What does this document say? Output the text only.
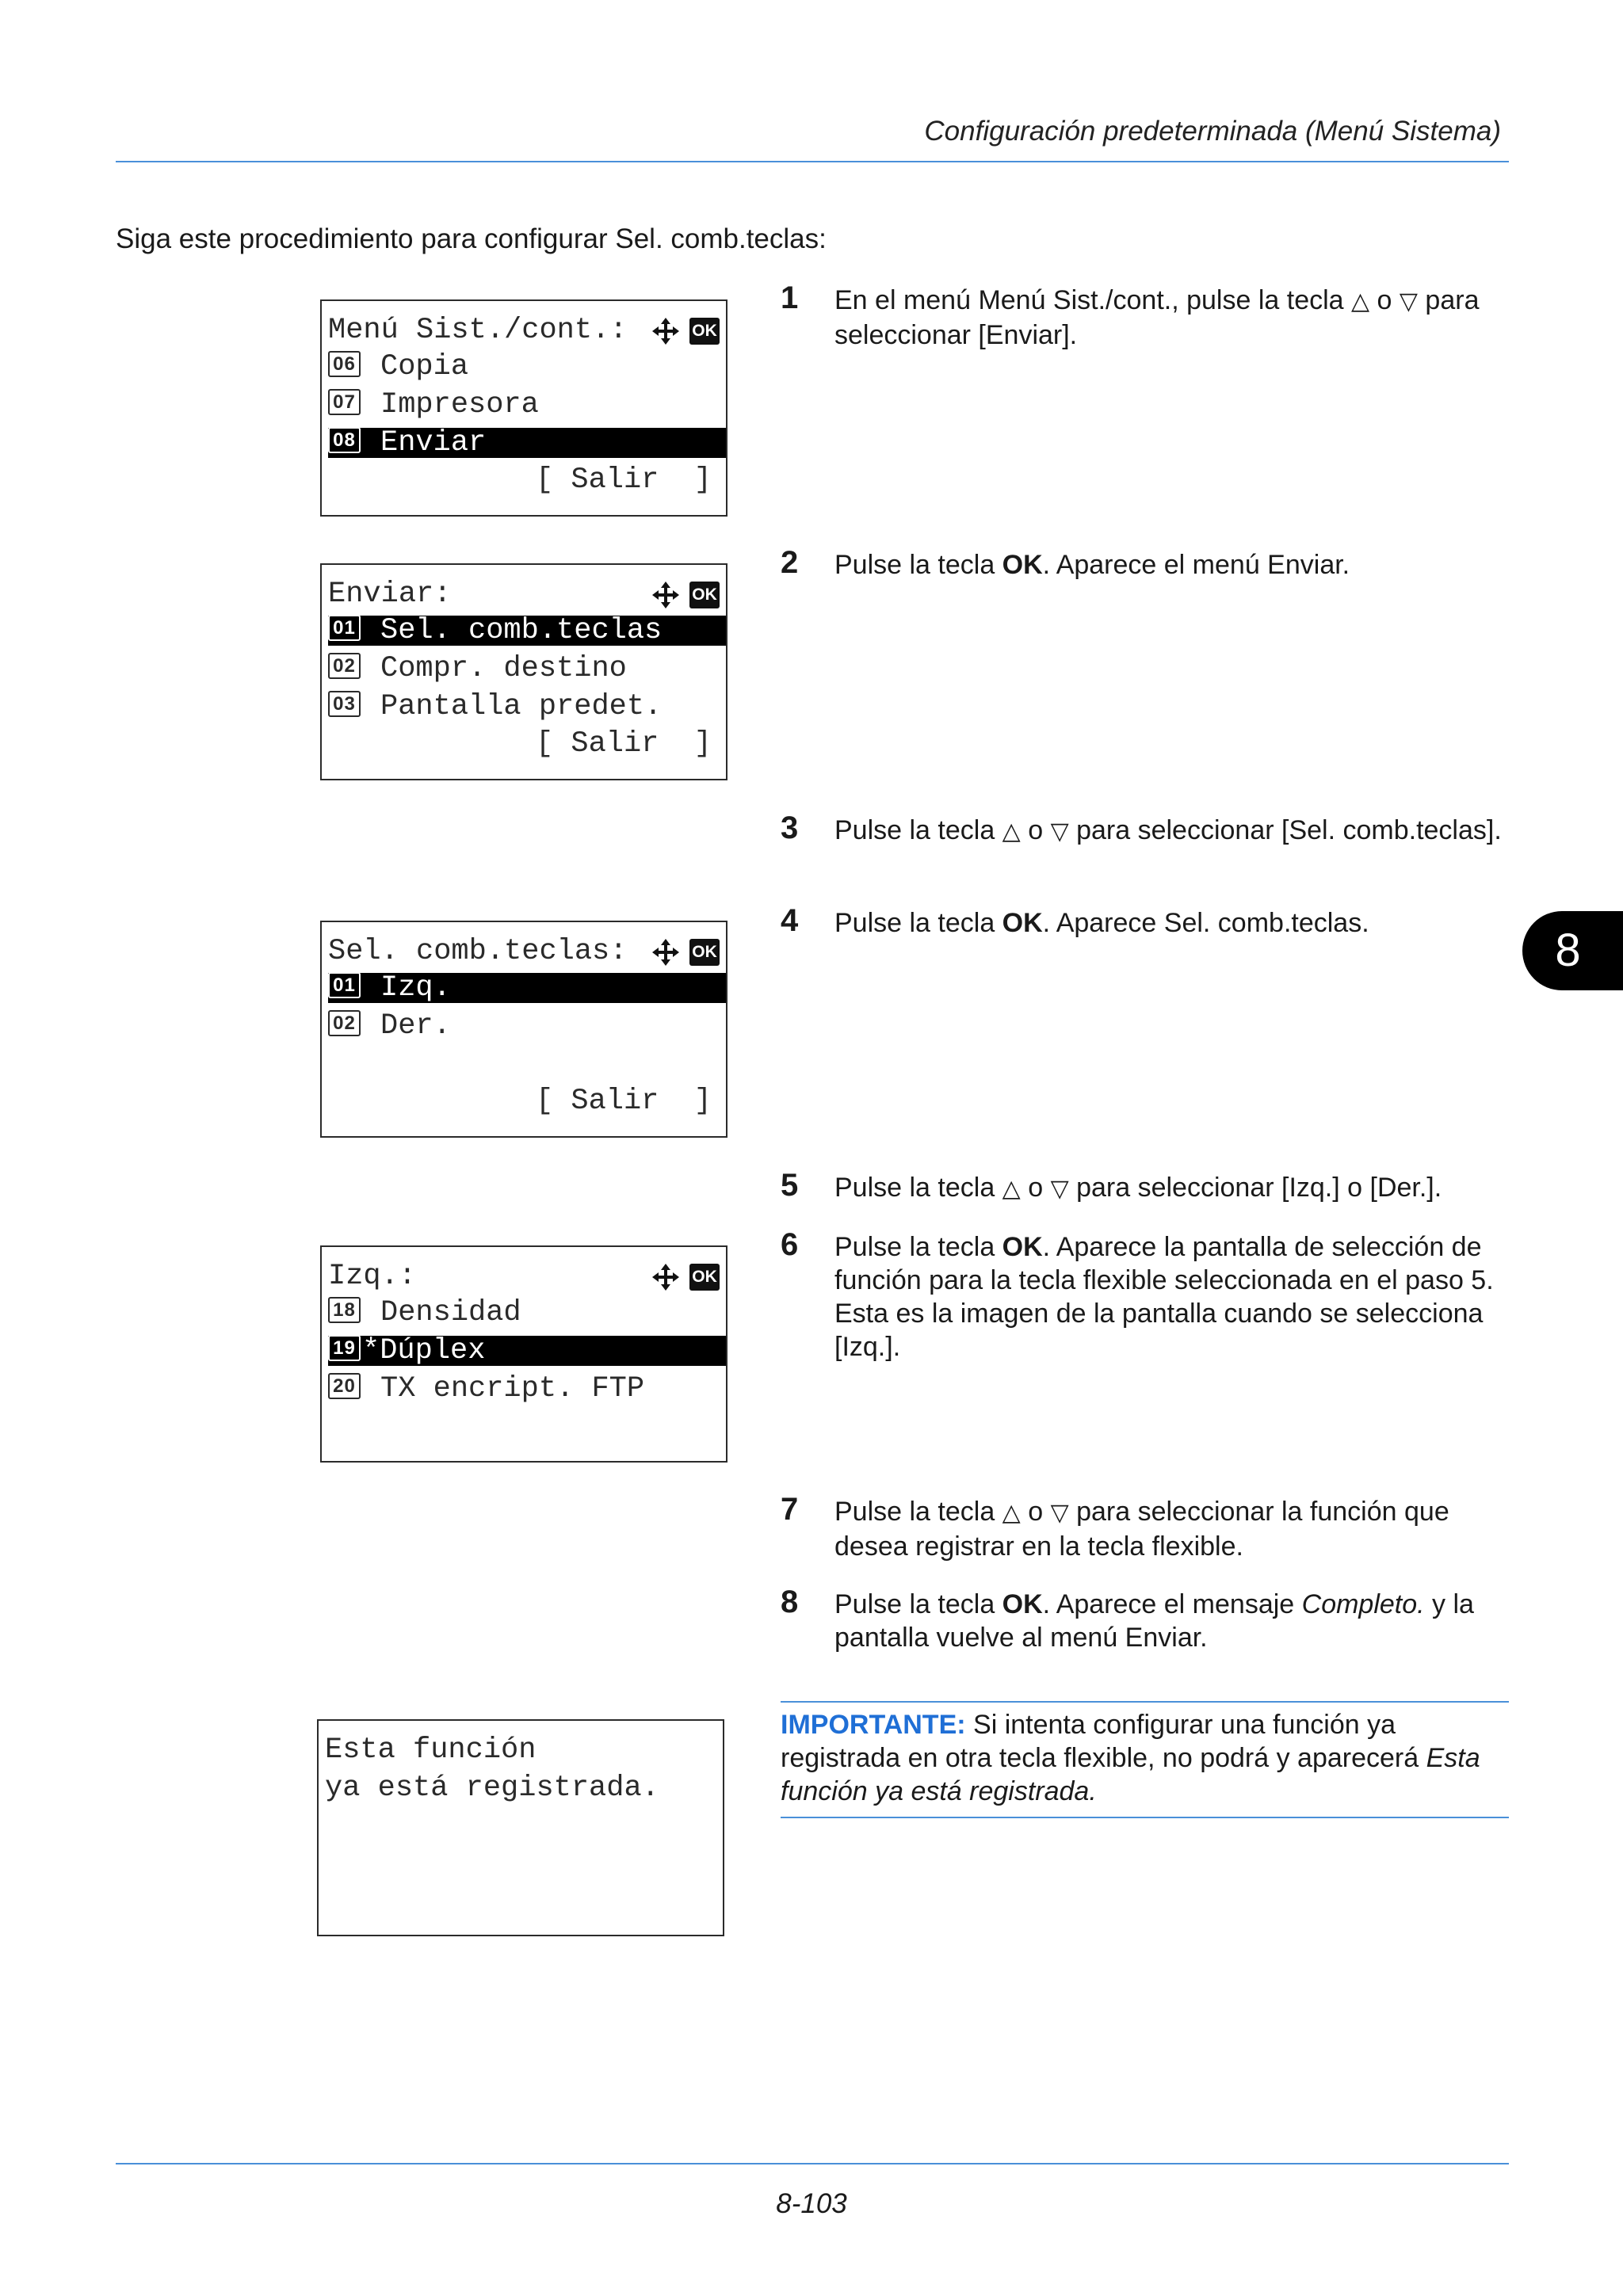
Configuración predeterminada (Menú Sistema)
Siga este procedimiento para configurar Sel. comb.teclas:
Menú Sist./cont.:	OK
06 Copia
07 Impresora
08 Enviar
[ Salir  ]
Enviar:	OK
01 Sel. comb.teclas
02 Compr. destino
03 Pantalla predet.
[ Salir  ]
Sel. comb.teclas:	OK
01 Izq.
02 Der.
[ Salir  ]
Izq.:	OK
18 Densidad
19 *Dúplex
20 TX encript. FTP
Esta función
ya está registrada.
1 En el menú Menú Sist./cont., pulse la tecla △ o ▽ para seleccionar [Enviar].
2 Pulse la tecla OK. Aparece el menú Enviar.
3 Pulse la tecla △ o ▽ para seleccionar [Sel. comb.teclas].
4 Pulse la tecla OK. Aparece Sel. comb.teclas.
5 Pulse la tecla △ o ▽ para seleccionar [Izq.] o [Der.].
6 Pulse la tecla OK. Aparece la pantalla de selección de función para la tecla flexible seleccionada en el paso 5. Esta es la imagen de la pantalla cuando se selecciona [Izq.].
7 Pulse la tecla △ o ▽ para seleccionar la función que desea registrar en la tecla flexible.
8 Pulse la tecla OK. Aparece el mensaje Completo. y la pantalla vuelve al menú Enviar.
8
IMPORTANTE: Si intenta configurar una función ya registrada en otra tecla flexible, no podrá y aparecerá Esta función ya está registrada.
8-103
